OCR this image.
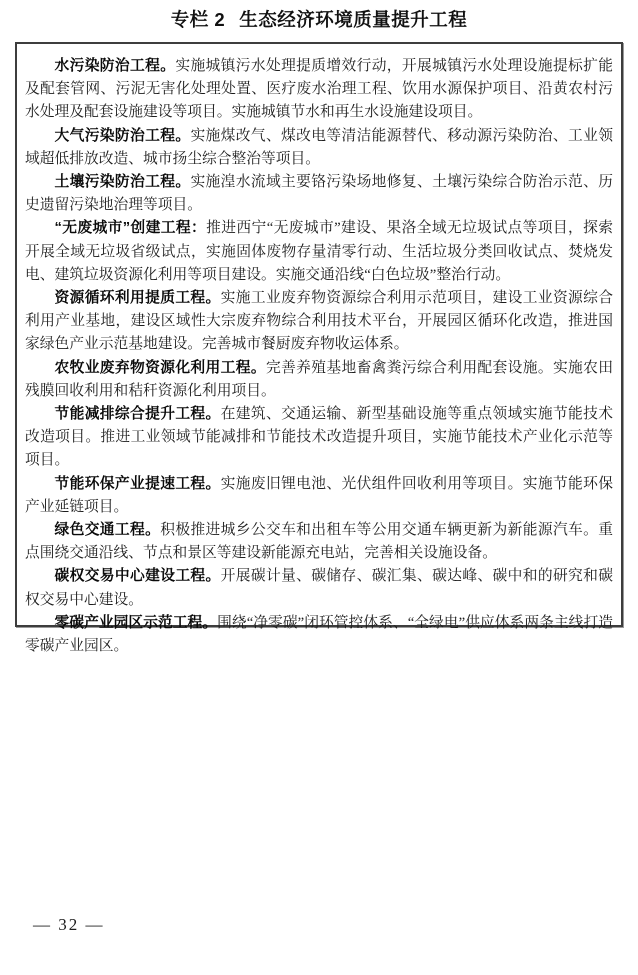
专栏 2 生态经济环境质量提升工程

水污染防治工程。实施城镇污水处理提质增效行动，开展城镇污水处理设施提标扩能及配套管网、污泥无害化处理处置、医疗废水治理工程、饮用水源保护项目、沿黄农村污水处理及配套设施建设等项目。实施城镇节水和再生水设施建设项目。

大气污染防治工程。实施煤改气、煤改电等清洁能源替代、移动源污染防治、工业领域超低排放改造、城市扬尘综合整治等项目。

土壤污染防治工程。实施湟水流域主要铬污染场地修复、土壤污染综合防治示范、历史遗留污染地治理等项目。

“无废城市”创建工程：推进西宁“无废城市”建设、果洛全域无垃圾试点等项目，探索开展全域无垃圾省级试点，实施固体废物存量清零行动、生活垃圾分类回收试点、焚烧发电、建筑垃圾资源化利用等项目建设。实施交通沿线“白色垃圾”整治行动。

资源循环利用提质工程。实施工业废弃物资源综合利用示范项目，建设工业资源综合利用产业基地，建设区域性大宗废弃物综合利用技术平台，开展园区循环化改造，推进国家绿色产业示范基地建设。完善城市餐厨废弃物收运体系。

农牧业废弃物资源化利用工程。完善养殖基地畜禽粪污综合利用配套设施。实施农田残膜回收利用和秸秆资源化利用项目。

节能减排综合提升工程。在建筑、交通运输、新型基础设施等重点领域实施节能技术改造项目。推进工业领域节能减排和节能技术改造提升项目，实施节能技术产业化示范等项目。

节能环保产业提速工程。实施废旧锂电池、光伏组件回收利用等项目。实施节能环保产业延链项目。

绿色交通工程。积极推进城乡公交车和出租车等公用交通车辆更新为新能源汽车。重点围绕交通沿线、节点和景区等建设新能源充电站，完善相关设施设备。

碳权交易中心建设工程。开展碳计量、碳储存、碳汇集、碳达峰、碳中和的研究和碳权交易中心建设。

零碳产业园区示范工程。围绕“净零碳”闭环管控体系、“全绿电”供应体系两条主线打造零碳产业园区。

— 32 —
